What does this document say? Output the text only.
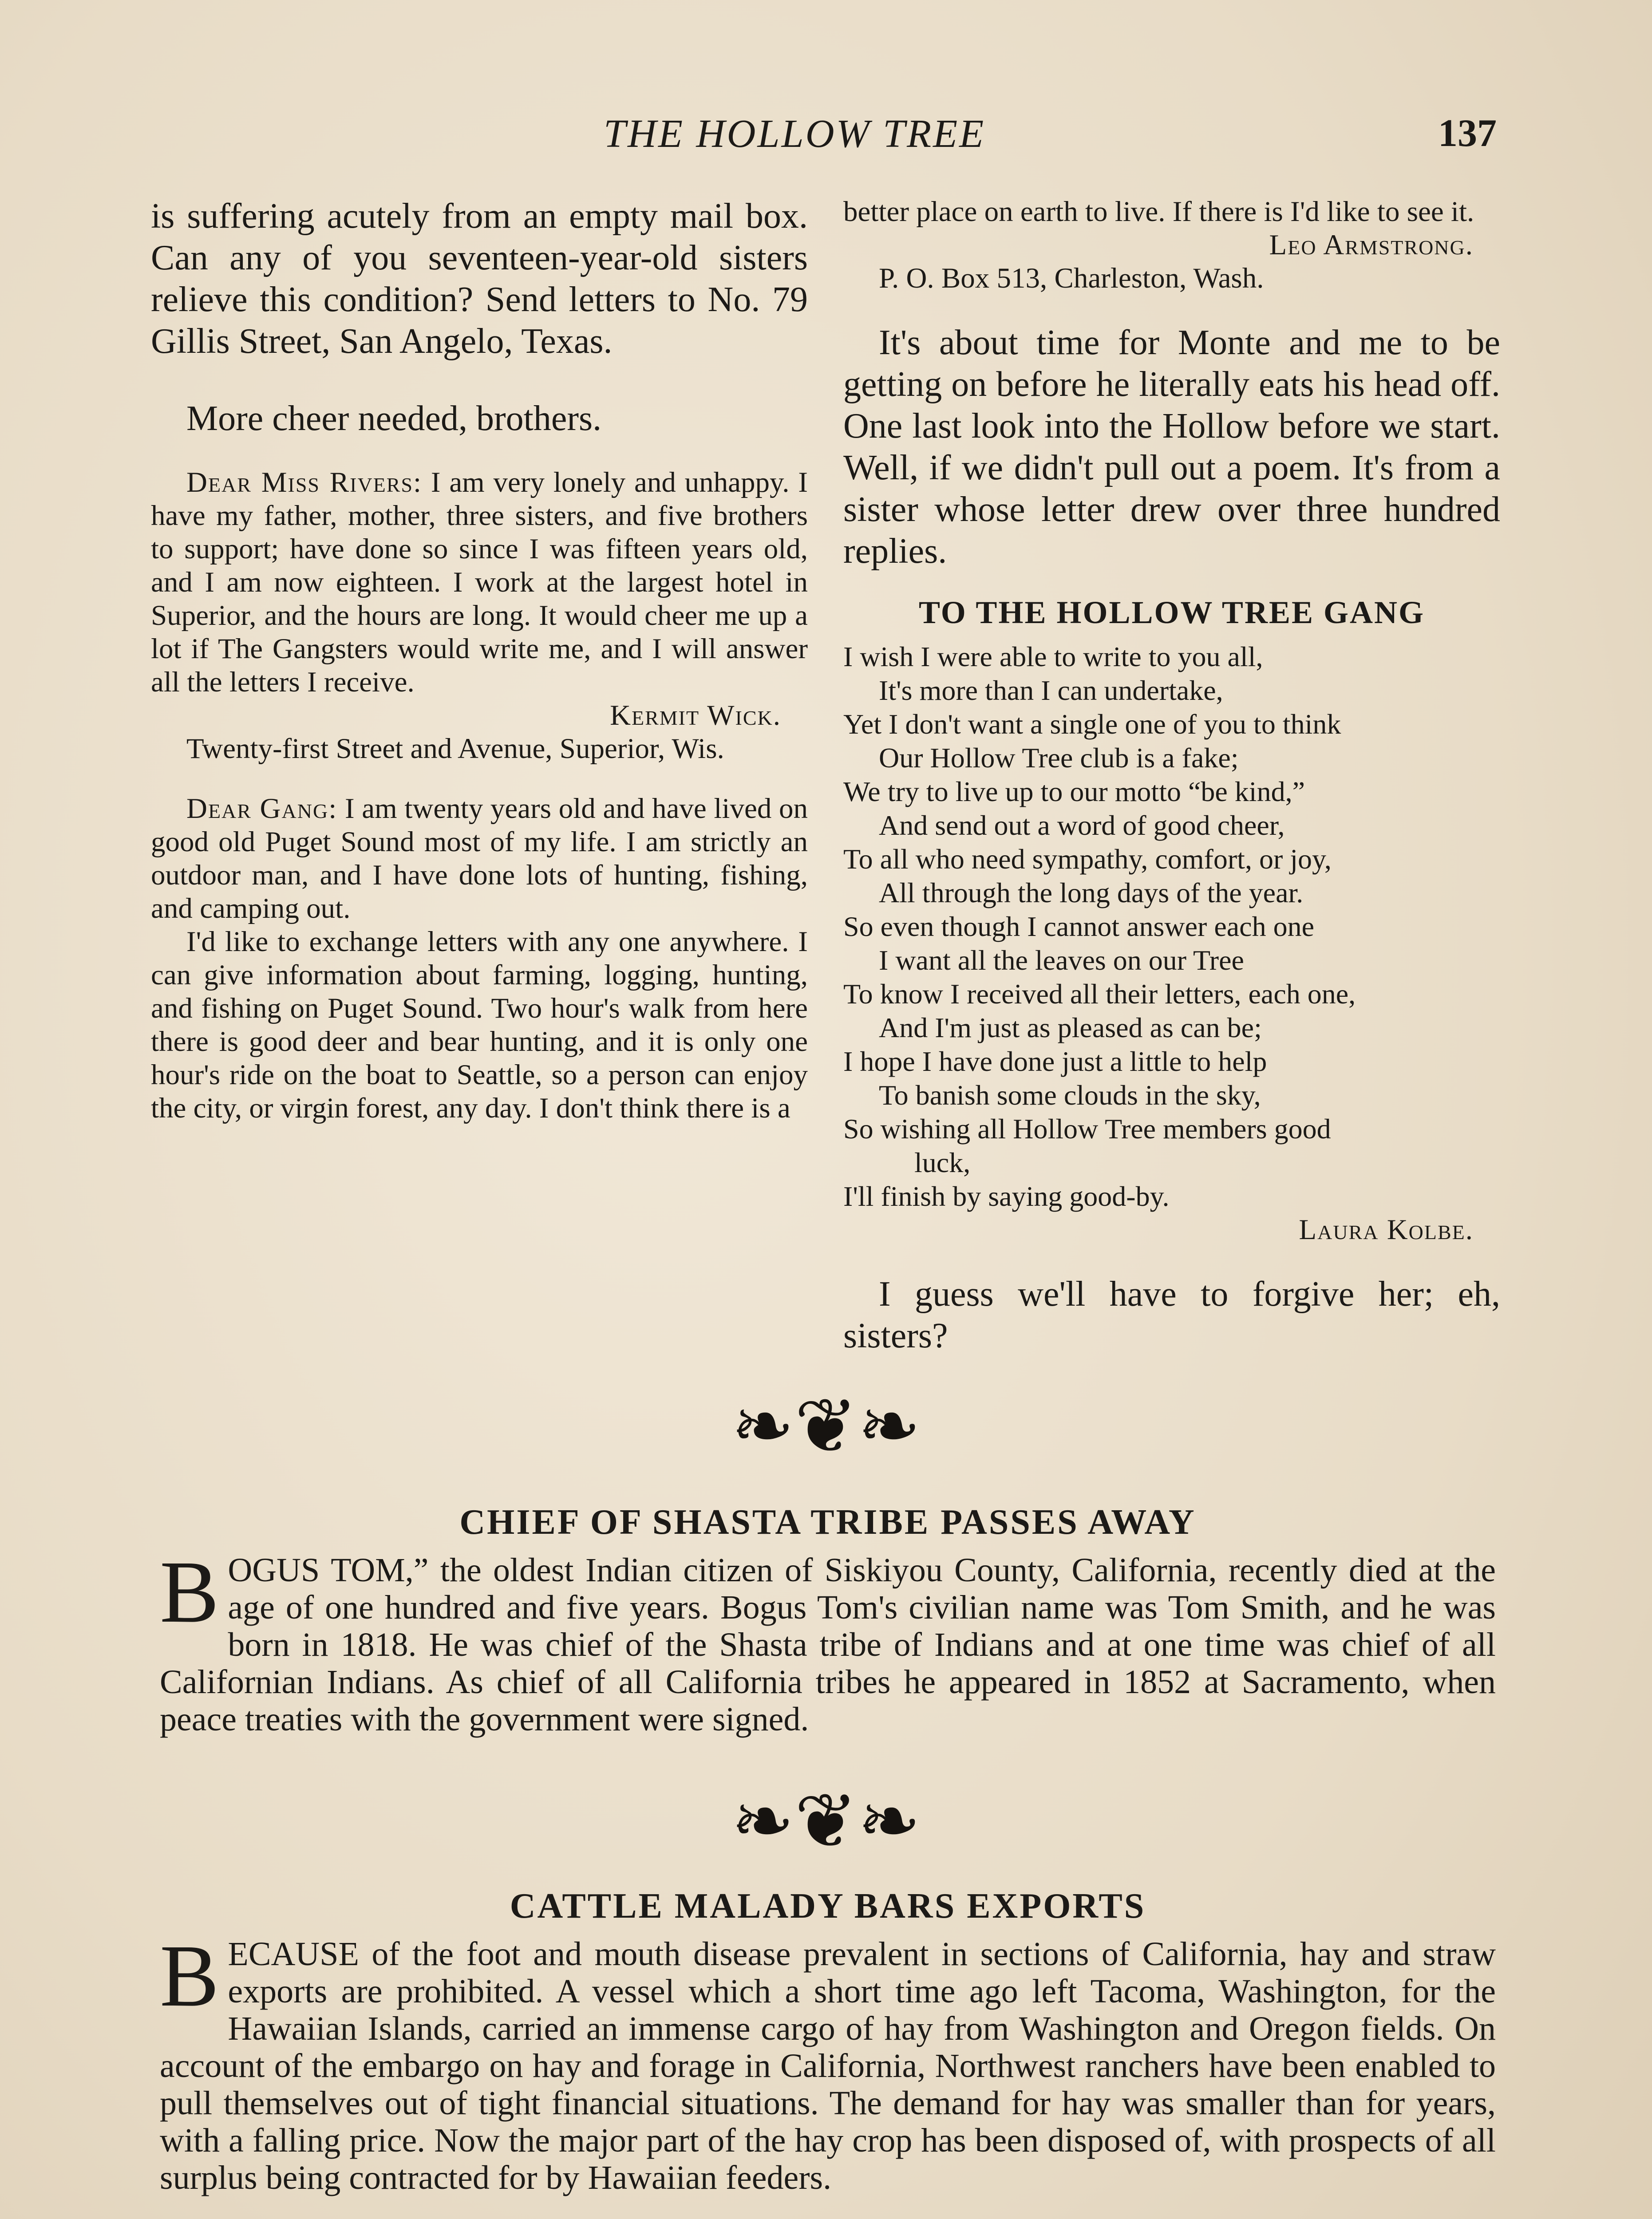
THE HOLLOW TREE	137

is suffering acutely from an empty mail box. Can any of you seventeen-year-old sisters relieve this condition? Send letters to No. 79 Gillis Street, San Angelo, Texas.

More cheer needed, brothers.

Dear Miss Rivers: I am very lonely and unhappy. I have my father, mother, three sisters, and five brothers to support; have done so since I was fifteen years old, and I am now eighteen. I work at the largest hotel in Superior, and the hours are long. It would cheer me up a lot if The Gangsters would write me, and I will answer all the letters I receive.

Kermit Wick.

Twenty-first Street and Avenue, Superior, Wis.

Dear Gang: I am twenty years old and have lived on good old Puget Sound most of my life. I am strictly an outdoor man, and I have done lots of hunting, fishing, and camping out.

I'd like to exchange letters with any one anywhere. I can give information about farming, logging, hunting, and fishing on Puget Sound. Two hour's walk from here there is good deer and bear hunting, and it is only one hour's ride on the boat to Seattle, so a person can enjoy the city, or virgin forest, any day. I don't think there is a

better place on earth to live. If there is I'd like to see it.

Leo Armstrong.

P. O. Box 513, Charleston, Wash.

It's about time for Monte and me to be getting on before he literally eats his head off. One last look into the Hollow before we start. Well, if we didn't pull out a poem. It's from a sister whose letter drew over three hundred replies.

TO THE HOLLOW TREE GANG
I wish I were able to write to you all,
It's more than I can undertake,
Yet I don't want a single one of you to think
Our Hollow Tree club is a fake;
We try to live up to our motto “be kind,”
And send out a word of good cheer,
To all who need sympathy, comfort, or joy,
All through the long days of the year.
So even though I cannot answer each one
I want all the leaves on our Tree
To know I received all their letters, each one,
And I'm just as pleased as can be;
I hope I have done just a little to help
To banish some clouds in the sky,
So wishing all Hollow Tree members good
luck,
I'll finish by saying good-by.

Laura Kolbe.

I guess we'll have to forgive her; eh, sisters?

❧❦❧
CHIEF OF SHASTA TRIBE PASSES AWAY
BOGUS TOM,” the oldest Indian citizen of Siskiyou County, California, recently died at the age of one hundred and five years. Bogus Tom's civilian name was Tom Smith, and he was born in 1818. He was chief of the Shasta tribe of Indians and at one time was chief of all Californian Indians. As chief of all California tribes he appeared in 1852 at Sacramento, when peace treaties with the government were signed.
❧❦❧
CATTLE MALADY BARS EXPORTS
BECAUSE of the foot and mouth disease prevalent in sections of California, hay and straw exports are prohibited. A vessel which a short time ago left Tacoma, Washington, for the Hawaiian Islands, carried an immense cargo of hay from Washington and Oregon fields. On account of the embargo on hay and forage in California, Northwest ranchers have been enabled to pull themselves out of tight financial situations. The demand for hay was smaller than for years, with a falling price. Now the major part of the hay crop has been disposed of, with prospects of all surplus being contracted for by Hawaiian feeders.
